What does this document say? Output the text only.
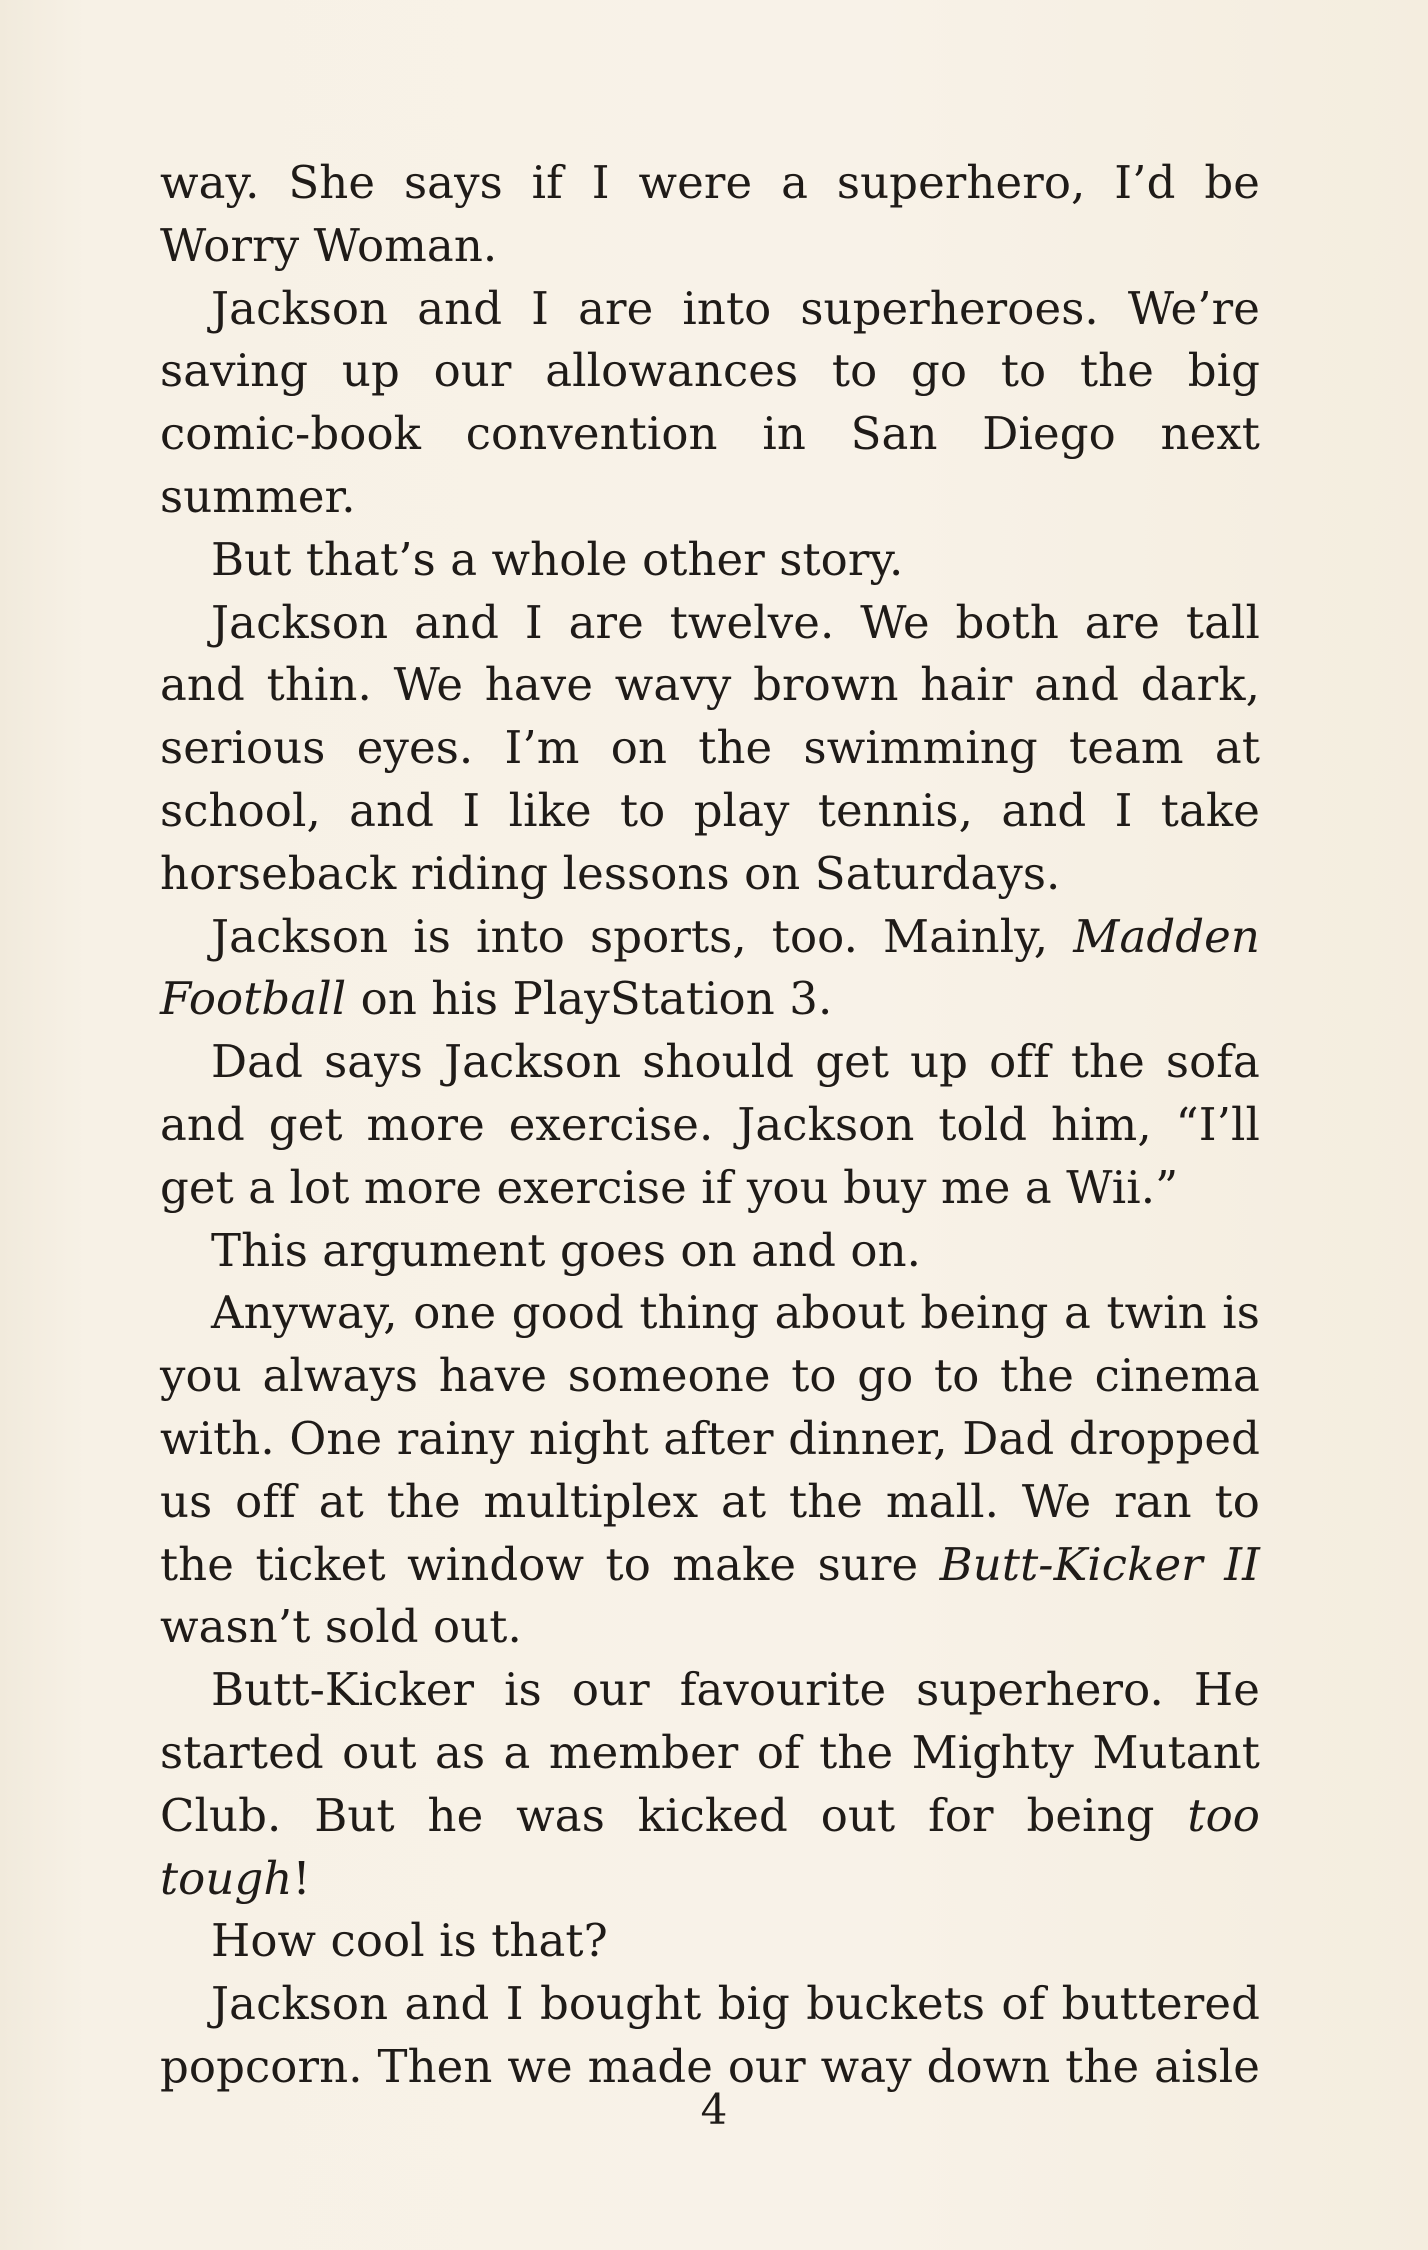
way. She says if I were a superhero, I’d be Worry Woman.

Jackson and I are into superheroes. We’re saving up our allowances to go to the big comic-book convention in San Diego next summer.

But that’s a whole other story.

Jackson and I are twelve. We both are tall and thin. We have wavy brown hair and dark, serious eyes. I’m on the swimming team at school, and I like to play tennis, and I take horseback riding lessons on Saturdays.

Jackson is into sports, too. Mainly, Madden Football on his PlayStation 3.

Dad says Jackson should get up off the sofa and get more exercise. Jackson told him, “I’ll get a lot more exercise if you buy me a Wii.”

This argument goes on and on.

Anyway, one good thing about being a twin is you always have someone to go to the cinema with. One rainy night after dinner, Dad dropped us off at the multiplex at the mall. We ran to the ticket window to make sure Butt-Kicker II wasn’t sold out.

Butt-Kicker is our favourite superhero. He started out as a member of the Mighty Mutant Club. But he was kicked out for being too tough!

How cool is that?

Jackson and I bought big buckets of buttered popcorn. Then we made our way down the aisle

4
